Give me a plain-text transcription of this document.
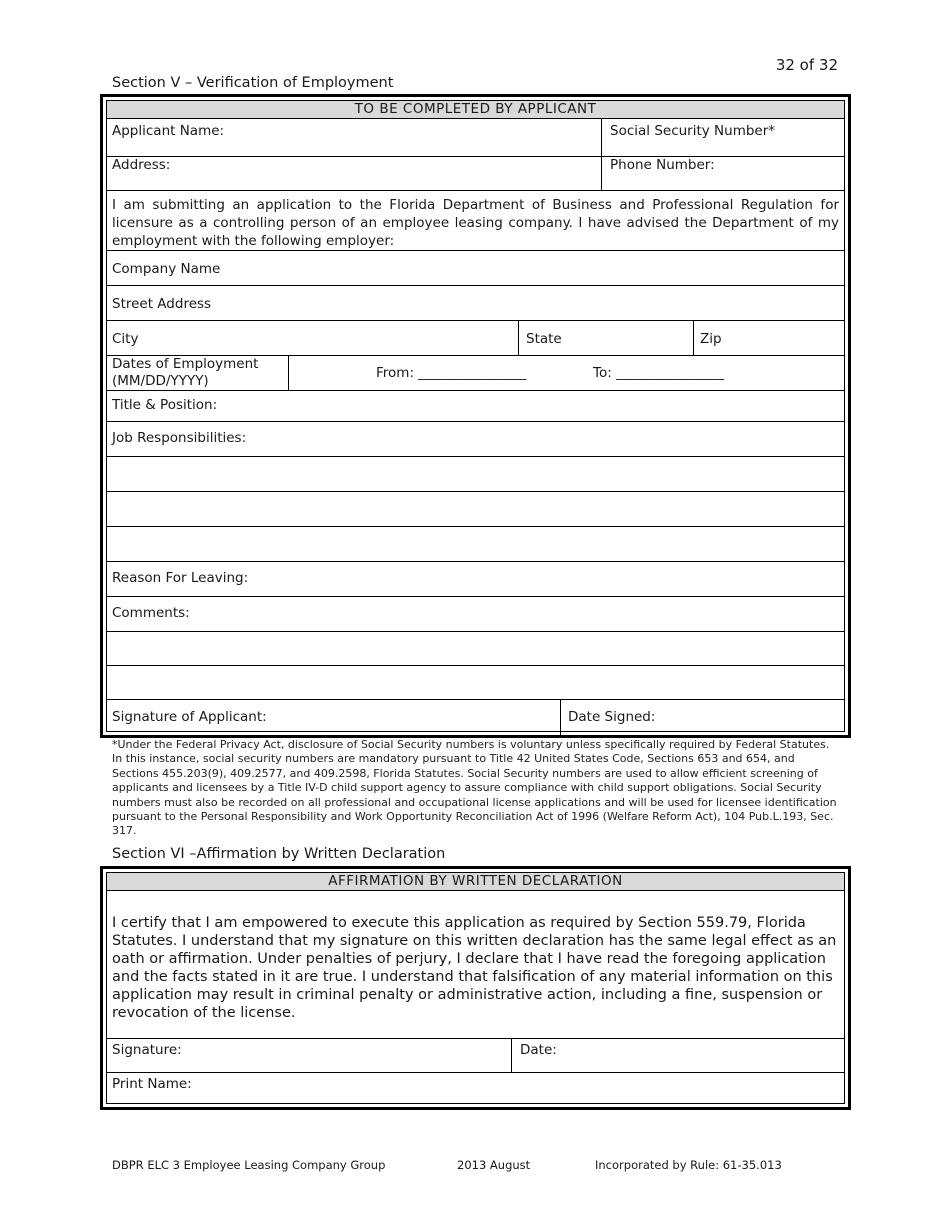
32 of 32
Section V – Verification of Employment
TO BE COMPLETED BY APPLICANT
Applicant Name:	Social Security Number*
Address:	Phone Number:
I am submitting an application to the Florida Department of Business and Professional Regulation for licensure as a controlling person of an employee leasing company. I have advised the Department of my employment with the following employer:
Company Name
Street Address
City	State	Zip
Dates of Employment
(MM/DD/YYYY)	From: ________________	To: ________________
Title & Position:
Job Responsibilities:
Reason For Leaving:
Comments:
Signature of Applicant:	Date Signed:
*Under the Federal Privacy Act, disclosure of Social Security numbers is voluntary unless specifically required by Federal Statutes. In this instance, social security numbers are mandatory pursuant to Title 42 United States Code, Sections 653 and 654, and Sections 455.203(9), 409.2577, and 409.2598, Florida Statutes. Social Security numbers are used to allow efficient screening of applicants and licensees by a Title IV-D child support agency to assure compliance with child support obligations. Social Security numbers must also be recorded on all professional and occupational license applications and will be used for licensee identification pursuant to the Personal Responsibility and Work Opportunity Reconciliation Act of 1996 (Welfare Reform Act), 104 Pub.L.193, Sec. 317.
Section VI –Affirmation by Written Declaration
AFFIRMATION BY WRITTEN DECLARATION
I certify that I am empowered to execute this application as required by Section 559.79, Florida Statutes. I understand that my signature on this written declaration has the same legal effect as an oath or affirmation. Under penalties of perjury, I declare that I have read the foregoing application and the facts stated in it are true. I understand that falsification of any material information on this application may result in criminal penalty or administrative action, including a fine, suspension or revocation of the license.
Signature:	Date:
Print Name:
DBPR ELC 3 Employee Leasing Company Group	2013 August	Incorporated by Rule: 61-35.013
